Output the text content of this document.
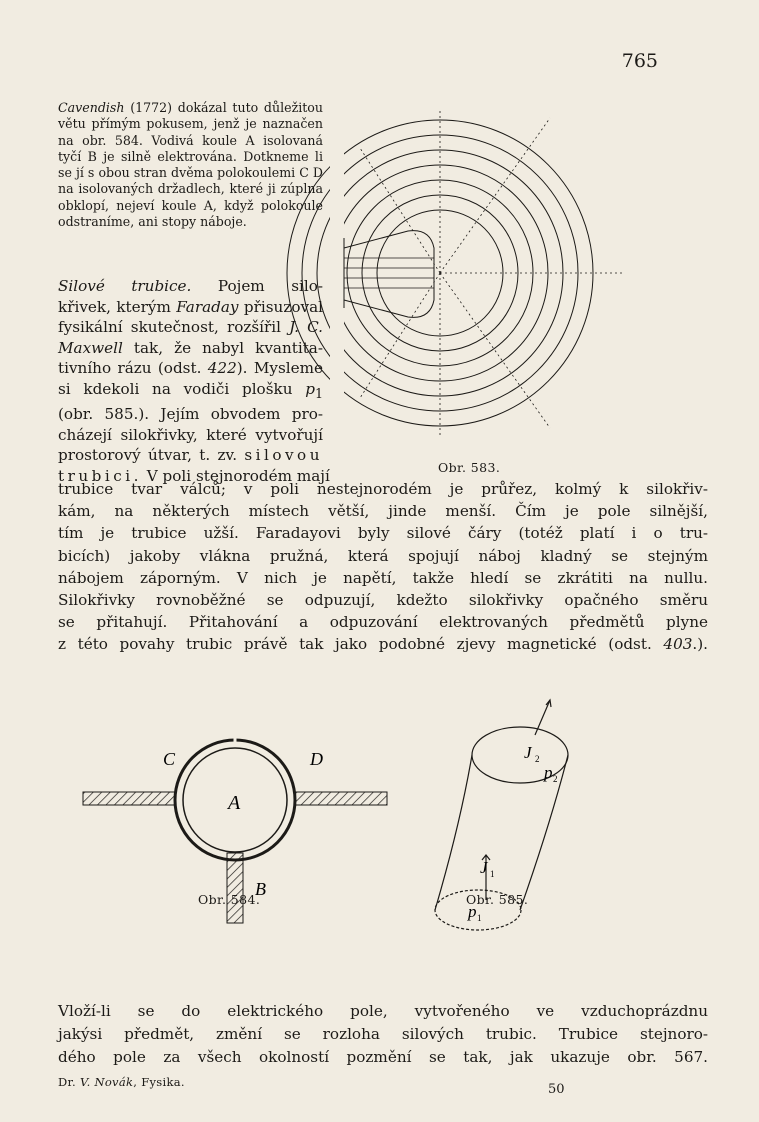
765
Cavendish (1772) dokázal tuto důležitou větu přímým pokusem, jenž je naznačen na obr. 584. Vodivá koule A isolovaná tyčí B je silně elektrována. Dotkneme li se jí s obou stran dvěma polokoulemi C D na isolovaných držadlech, které ji zúplna obklopí, nejeví koule A, když polokoule odstraníme, ani stopy náboje.
Silové trubice. Pojem silo-
křivek, kterým Faraday přisuzoval
fysikální skutečnost, rozšířil J. C.
Maxwell tak, že nabyl kvantita-
tivního rázu (odst. 422). Mysleme
si kdekoli na vodiči plošku $p_1$
(obr. 585.). Jejím obvodem pro-
cházejí silokřivky, které vytvořují
prostorový útvar, t. zv. silovou
trubici. V poli stejnorodém mají
trubice tvar válců; v poli nestejnorodém je průřez, kolmý k silokřiv-
kám, na některých místech větší, jinde menší. Čím je pole silnější,
tím je trubice užší. Faradayovi byly silové čáry (totéž platí i o tru-
bicích) jakoby vlákna pružná, která spojují náboj kladný se stejným
nábojem záporným. V nich je napětí, takže hledí se zkrátiti na nullu.
Silokřivky rovnoběžné se odpuzují, kdežto silokřivky opačného směru
se přitahují. Přitahování a odpuzování elektrovaných předmětů plyne
z této povahy trubic právě tak jako podobné zjevy magnetické (odst. 403.).
Obr. 583.
A
B
C	D
Obr. 584.
J 2
p 2
J 1
p 1
Obr. 585.
Vloží-li se do elektrického pole, vytvořeného ve vzduchoprázdnu
jakýsi předmět, změní se rozloha silových trubic. Trubice stejnoro-
dého pole za všech okolností pozmění se tak, jak ukazuje obr. 567.
Dr. V. Novák, Fysika.	50
